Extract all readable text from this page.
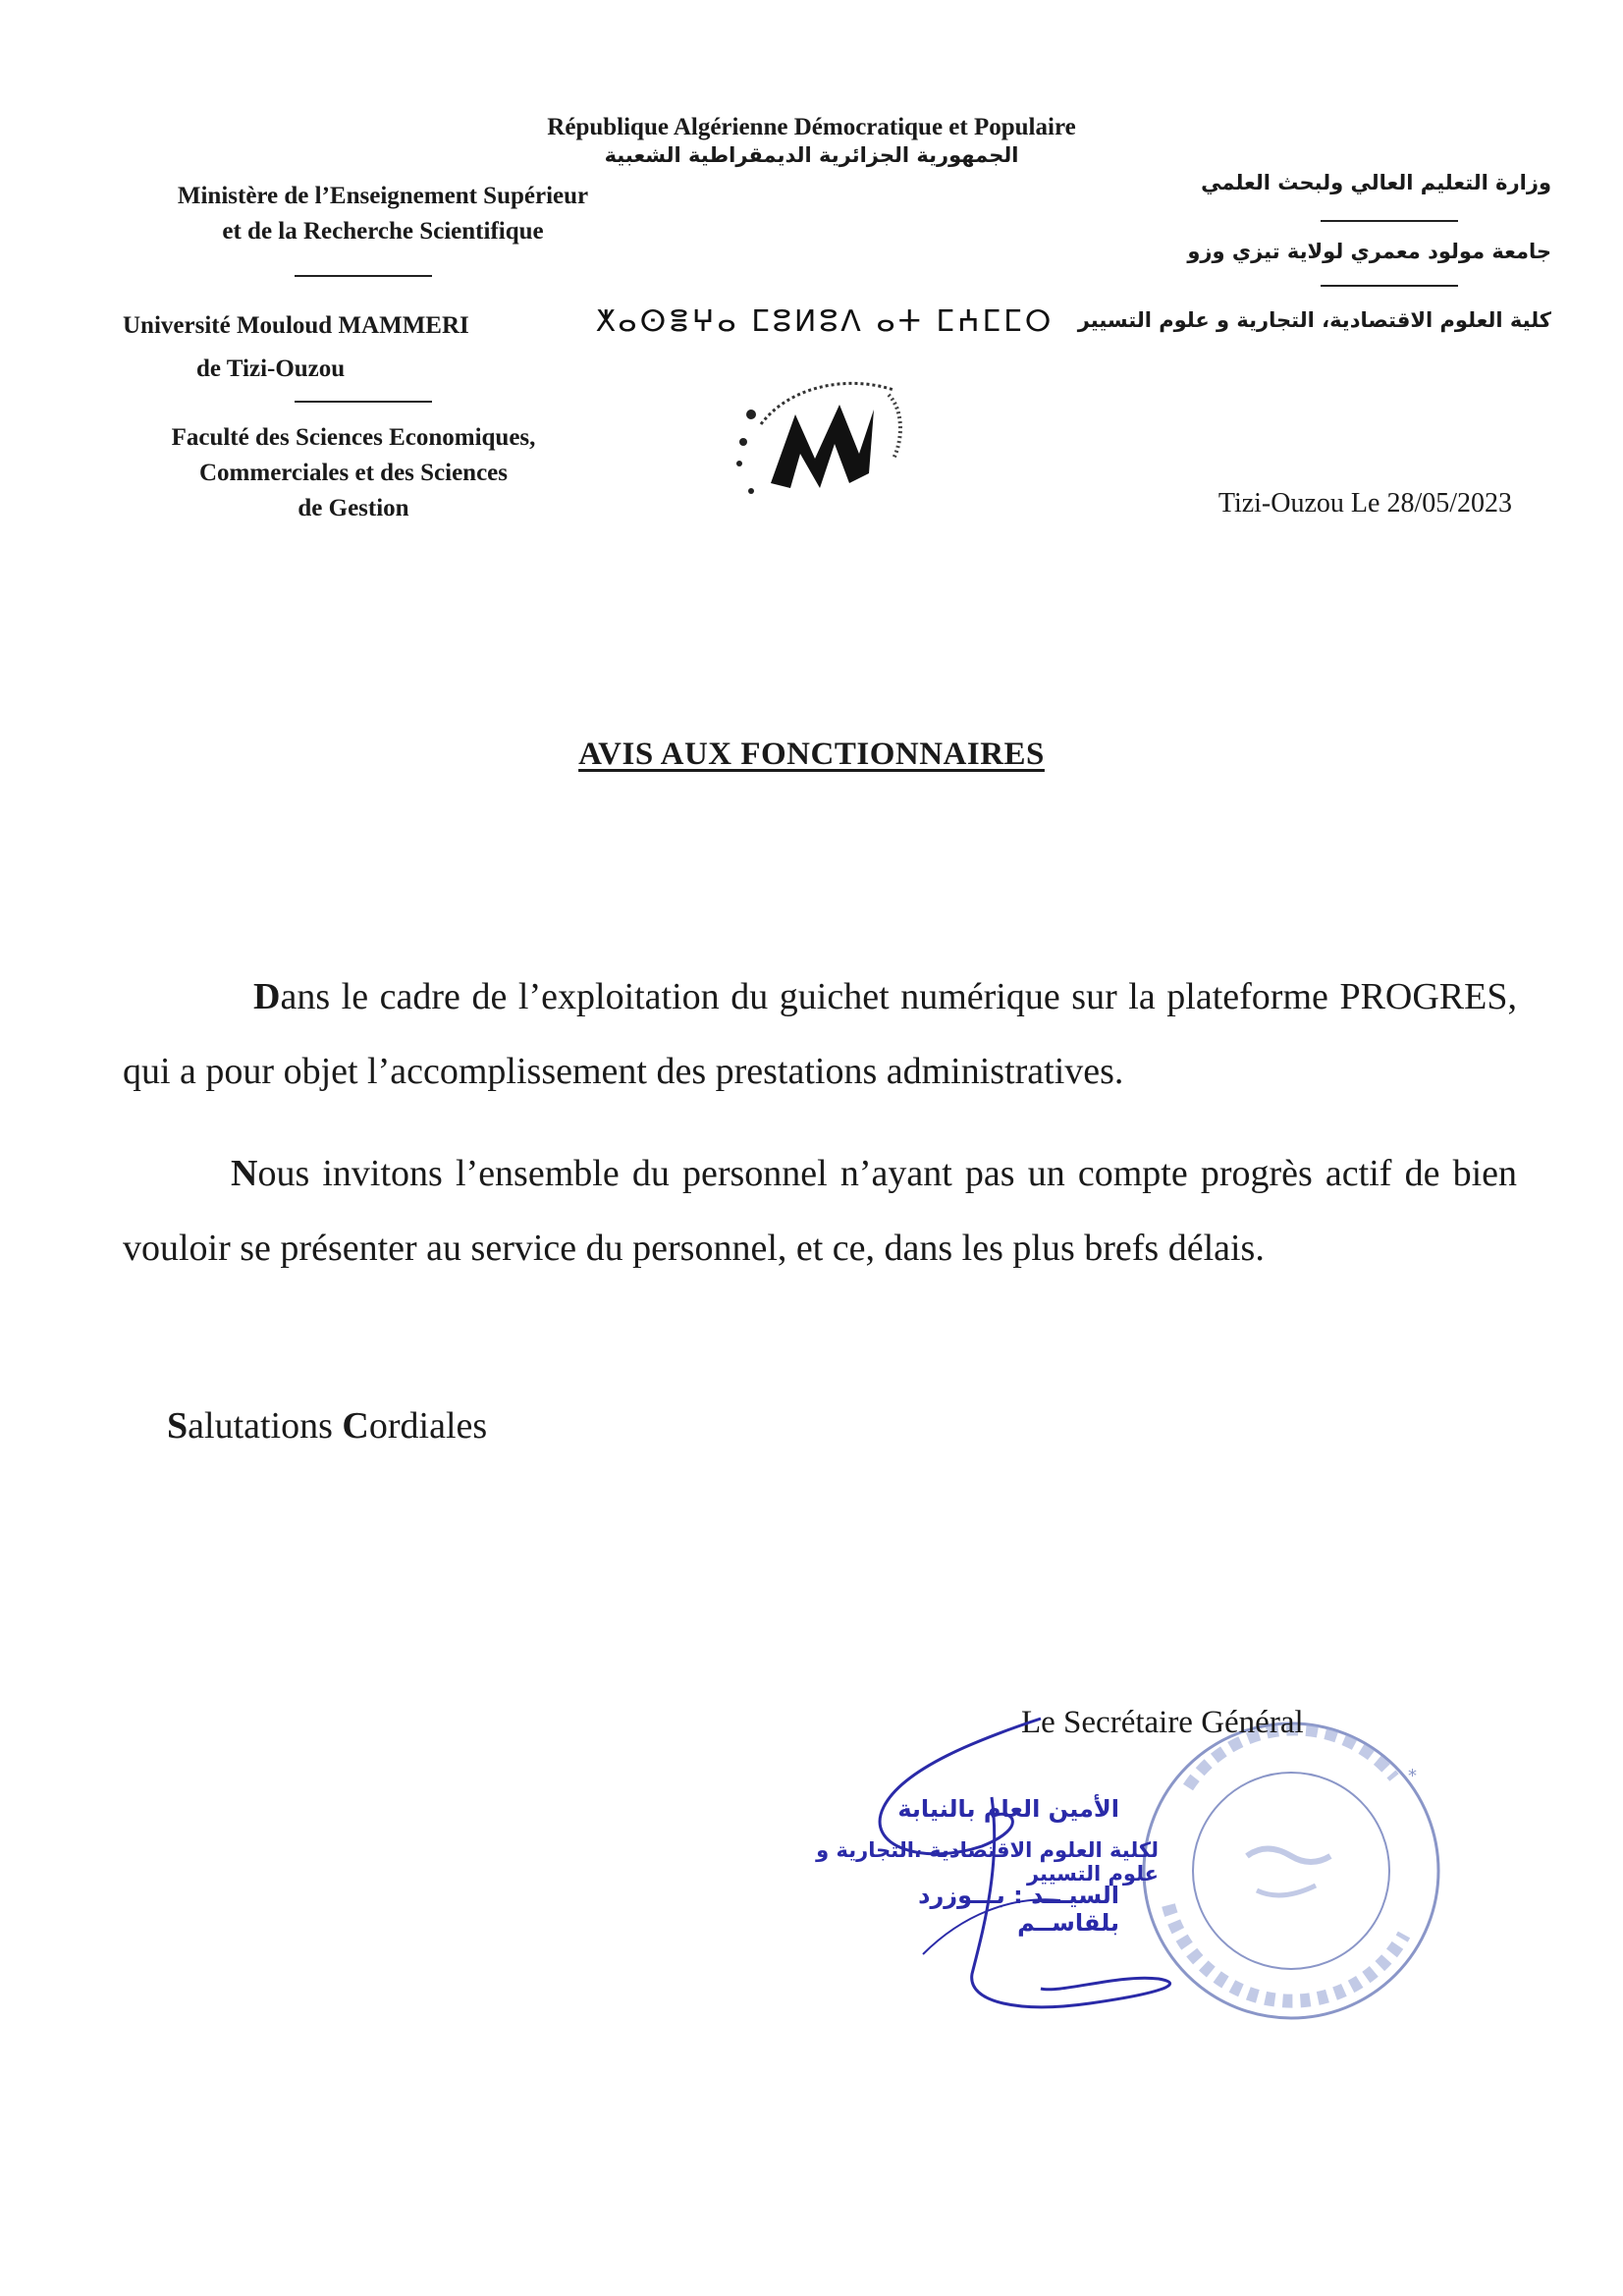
République Algérienne Démocratique et Populaire
الجمهورية الجزائرية الديمقراطية الشعبية
Ministère de l’Enseignement Supérieur
et de la Recherche Scientifique
Université Mouloud MAMMERI
de Tizi-Ouzou
Faculté des Sciences Economiques,
Commerciales et des Sciences
de Gestion
ⵅⴰⵙⴻⵖⴰ ⵎⵓⵍⵓⴷ ⴰⵜ ⵎⵄⵎⵎⵔ
وزارة التعليم العالي ولبحث العلمي
جامعة مولود معمري لولاية تيزي وزو
كلية العلوم الاقتصادية، التجارية و علوم التسيير
Tizi-Ouzou Le 28/05/2023
AVIS AUX FONCTIONNAIRES
Dans le cadre de l’exploitation du guichet numérique sur la plateforme PROGRES, qui a pour objet l’accomplissement des prestations administratives.
Nous invitons l’ensemble du personnel n’ayant pas un compte progrès actif de bien vouloir se présenter au service du personnel, et ce, dans les plus brefs délais.
Salutations Cordiales
*
Le Secrétaire Général
الأمين العام بالنيابة
لكلية العلوم الاقتصادية ،التجارية و علوم التسيير
السيـــد : بـــوزرد بلقاســم
